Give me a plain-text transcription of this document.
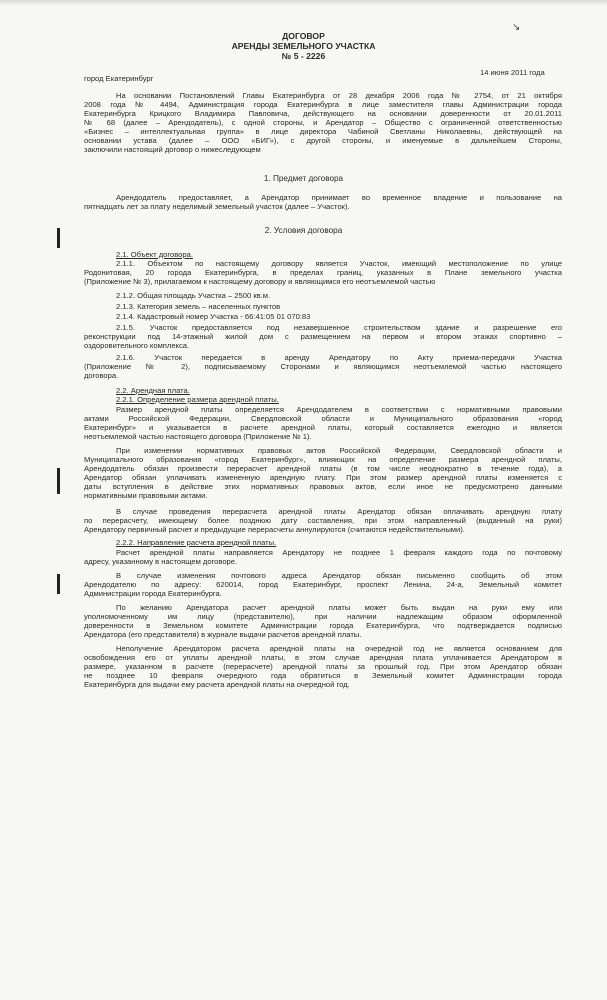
↘
ДОГОВОР
АРЕНДЫ ЗЕМЕЛЬНОГО УЧАСТКА
№ 5 - 2226
город Екатеринбург
14 июня 2011 года
На основании Постановлений Главы Екатеринбурга от 28 декабря 2006 года № 2754, от 21 октября
2008 года № 4494, Администрация города Екатеринбурга в лице заместителя главы Администрации города
Екатеринбурга Крицкого Владимира Павловича, действующего на основании доверенности от 20.01.2011
№ 68 (далее – Арендодатель), с одной стороны, и Арендатор – Общество с ограниченной ответственностью
«Бизнес – интеллектуальная группа» в лице директора Чабиной Светланы Николаевны, действующей на
основании устава (далее – ООО «БИГ»), с другой стороны, и именуемые в дальнейшем Стороны,
заключили настоящий договор о нижеследующем
1. Предмет договора
Арендодатель предоставляет, а Арендатор принимает во временное владение и пользование на
пятнадцать лет за плату неделимый земельный участок (далее – Участок).
2. Условия договора
2.1. Объект договора.
2.1.1. Объектом по настоящему договору является Участок, имеющий местоположение по улице
Родонитовая, 20 города Екатеринбурга, в пределах границ, указанных в Плане земельного участка
(Приложение № 3), прилагаемом к настоящему договору и являющимся его неотъемлемой частью
2.1.2. Общая площадь Участка – 2500 кв.м.
2.1.3. Категория земель – населенных пунктов
2.1.4. Кадастровый номер Участка - 66:41:05 01 070:83
2.1.5. Участок предоставляется под незавершенное строительством здание и разрешение его
реконструкции под 14-этажный жилой дом с размещением на первом и втором этажах спортивно –
оздоровительного комплекса.
2.1.6. Участок передается в аренду Арендатору по Акту приема-передачи Участка
(Приложение № 2), подписываемому Сторонами и являющимся неотъемлемой частью настоящего
договора.
2.2. Арендная плата.
2.2.1. Определение размера арендной платы.
Размер арендной платы определяется Арендодателем в соответствии с нормативными правовыми
актами Российской Федерации, Свердловской области и Муниципального образования «город
Екатеринбург» и указывается в расчете арендной платы, который составляется ежегодно и является
неотъемлемой частью настоящего договора (Приложение № 1).
При изменении нормативных правовых актов Российской Федерации, Свердловской области и
Муниципального образования «город Екатеринбург», влияющих на определение размера арендной платы,
Арендодатель обязан произвести перерасчет арендной платы (в том числе неоднократно в течение года), а
Арендатор обязан уплачивать измененную арендную плату. При этом размер арендной платы изменяется с
даты вступления в действие этих нормативных правовых актов, если иное не предусмотрено данными
нормативными правовыми актами.
В случае проведения перерасчета арендной платы Арендатор обязан оплачивать арендную плату
по перерасчету, имеющему более позднюю дату составления, при этом направленный (выданный на руки)
Арендатору первичный расчет и предыдущие перерасчеты аннулируются (считаются недействительными).
2.2.2. Направление расчета арендной платы.
Расчет арендной платы направляется Арендатору не позднее 1 февраля каждого года по почтовому
адресу, указанному в настоящем договоре.
В случае изменения почтового адреса Арендатор обязан письменно сообщить об этом
Арендодателю по адресу: 620014, город Екатеринбург, проспект Ленина, 24-а, Земельный комитет
Администрации города Екатеринбурга.
По желанию Арендатора расчет арендной платы может быть выдан на руки ему или
уполномоченному им лицу (представителю), при наличии надлежащим образом оформленной
доверенности в Земельном комитете Администрации города Екатеринбурга, что подтверждается подписью
Арендатора (его представителя) в журнале выдачи расчетов арендной платы.
Неполучение Арендатором расчета арендной платы на очередной год не является основанием для
освобождения его от уплаты арендной платы, в этом случае арендная плата уплачивается Арендатором в
размере, указанном в расчете (перерасчете) арендной платы за прошлый год. При этом Арендатор обязан
не позднее 10 февраля очередного года обратиться в Земельный комитет Администрации города
Екатеринбурга для выдачи ему расчета арендной платы на очередной год.
